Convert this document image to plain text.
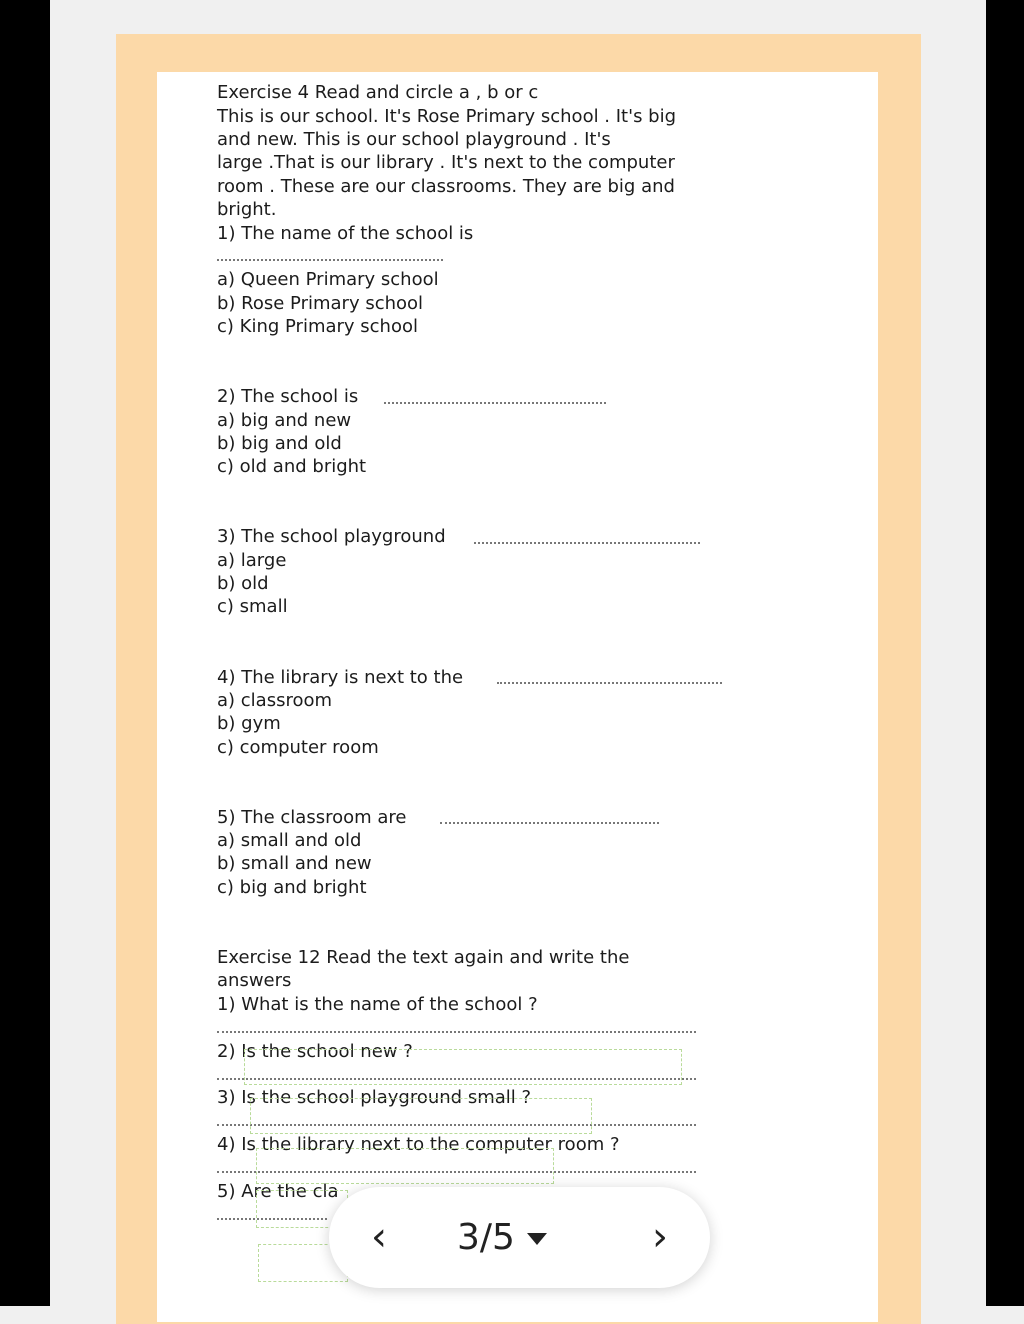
Exercise 4 Read and circle a , b or c

This is our school. It's Rose Primary school . It's big

and new. This is our school playground . It's

large .That is our library . It's next to the computer

room . These are our classrooms. They are big and

bright.

1) The name of the school is

a) Queen Primary school

b) Rose Primary school

c) King Primary school

2) The school is

a) big and new

b) big and old

c) old and bright

3) The school playground

a) large

b) old

c) small

4) The library is next to the

a) classroom

b) gym

c) computer room

5) The classroom are

a) small and old

b) small and new

c) big and bright

Exercise 12 Read the text again and write the

answers

1) What is the name of the school ?

2) Is the school new ?

3) Is the school playground small ?

4) Is the library next to the computer room ?

5) Are the cla

‹	3/5	›
